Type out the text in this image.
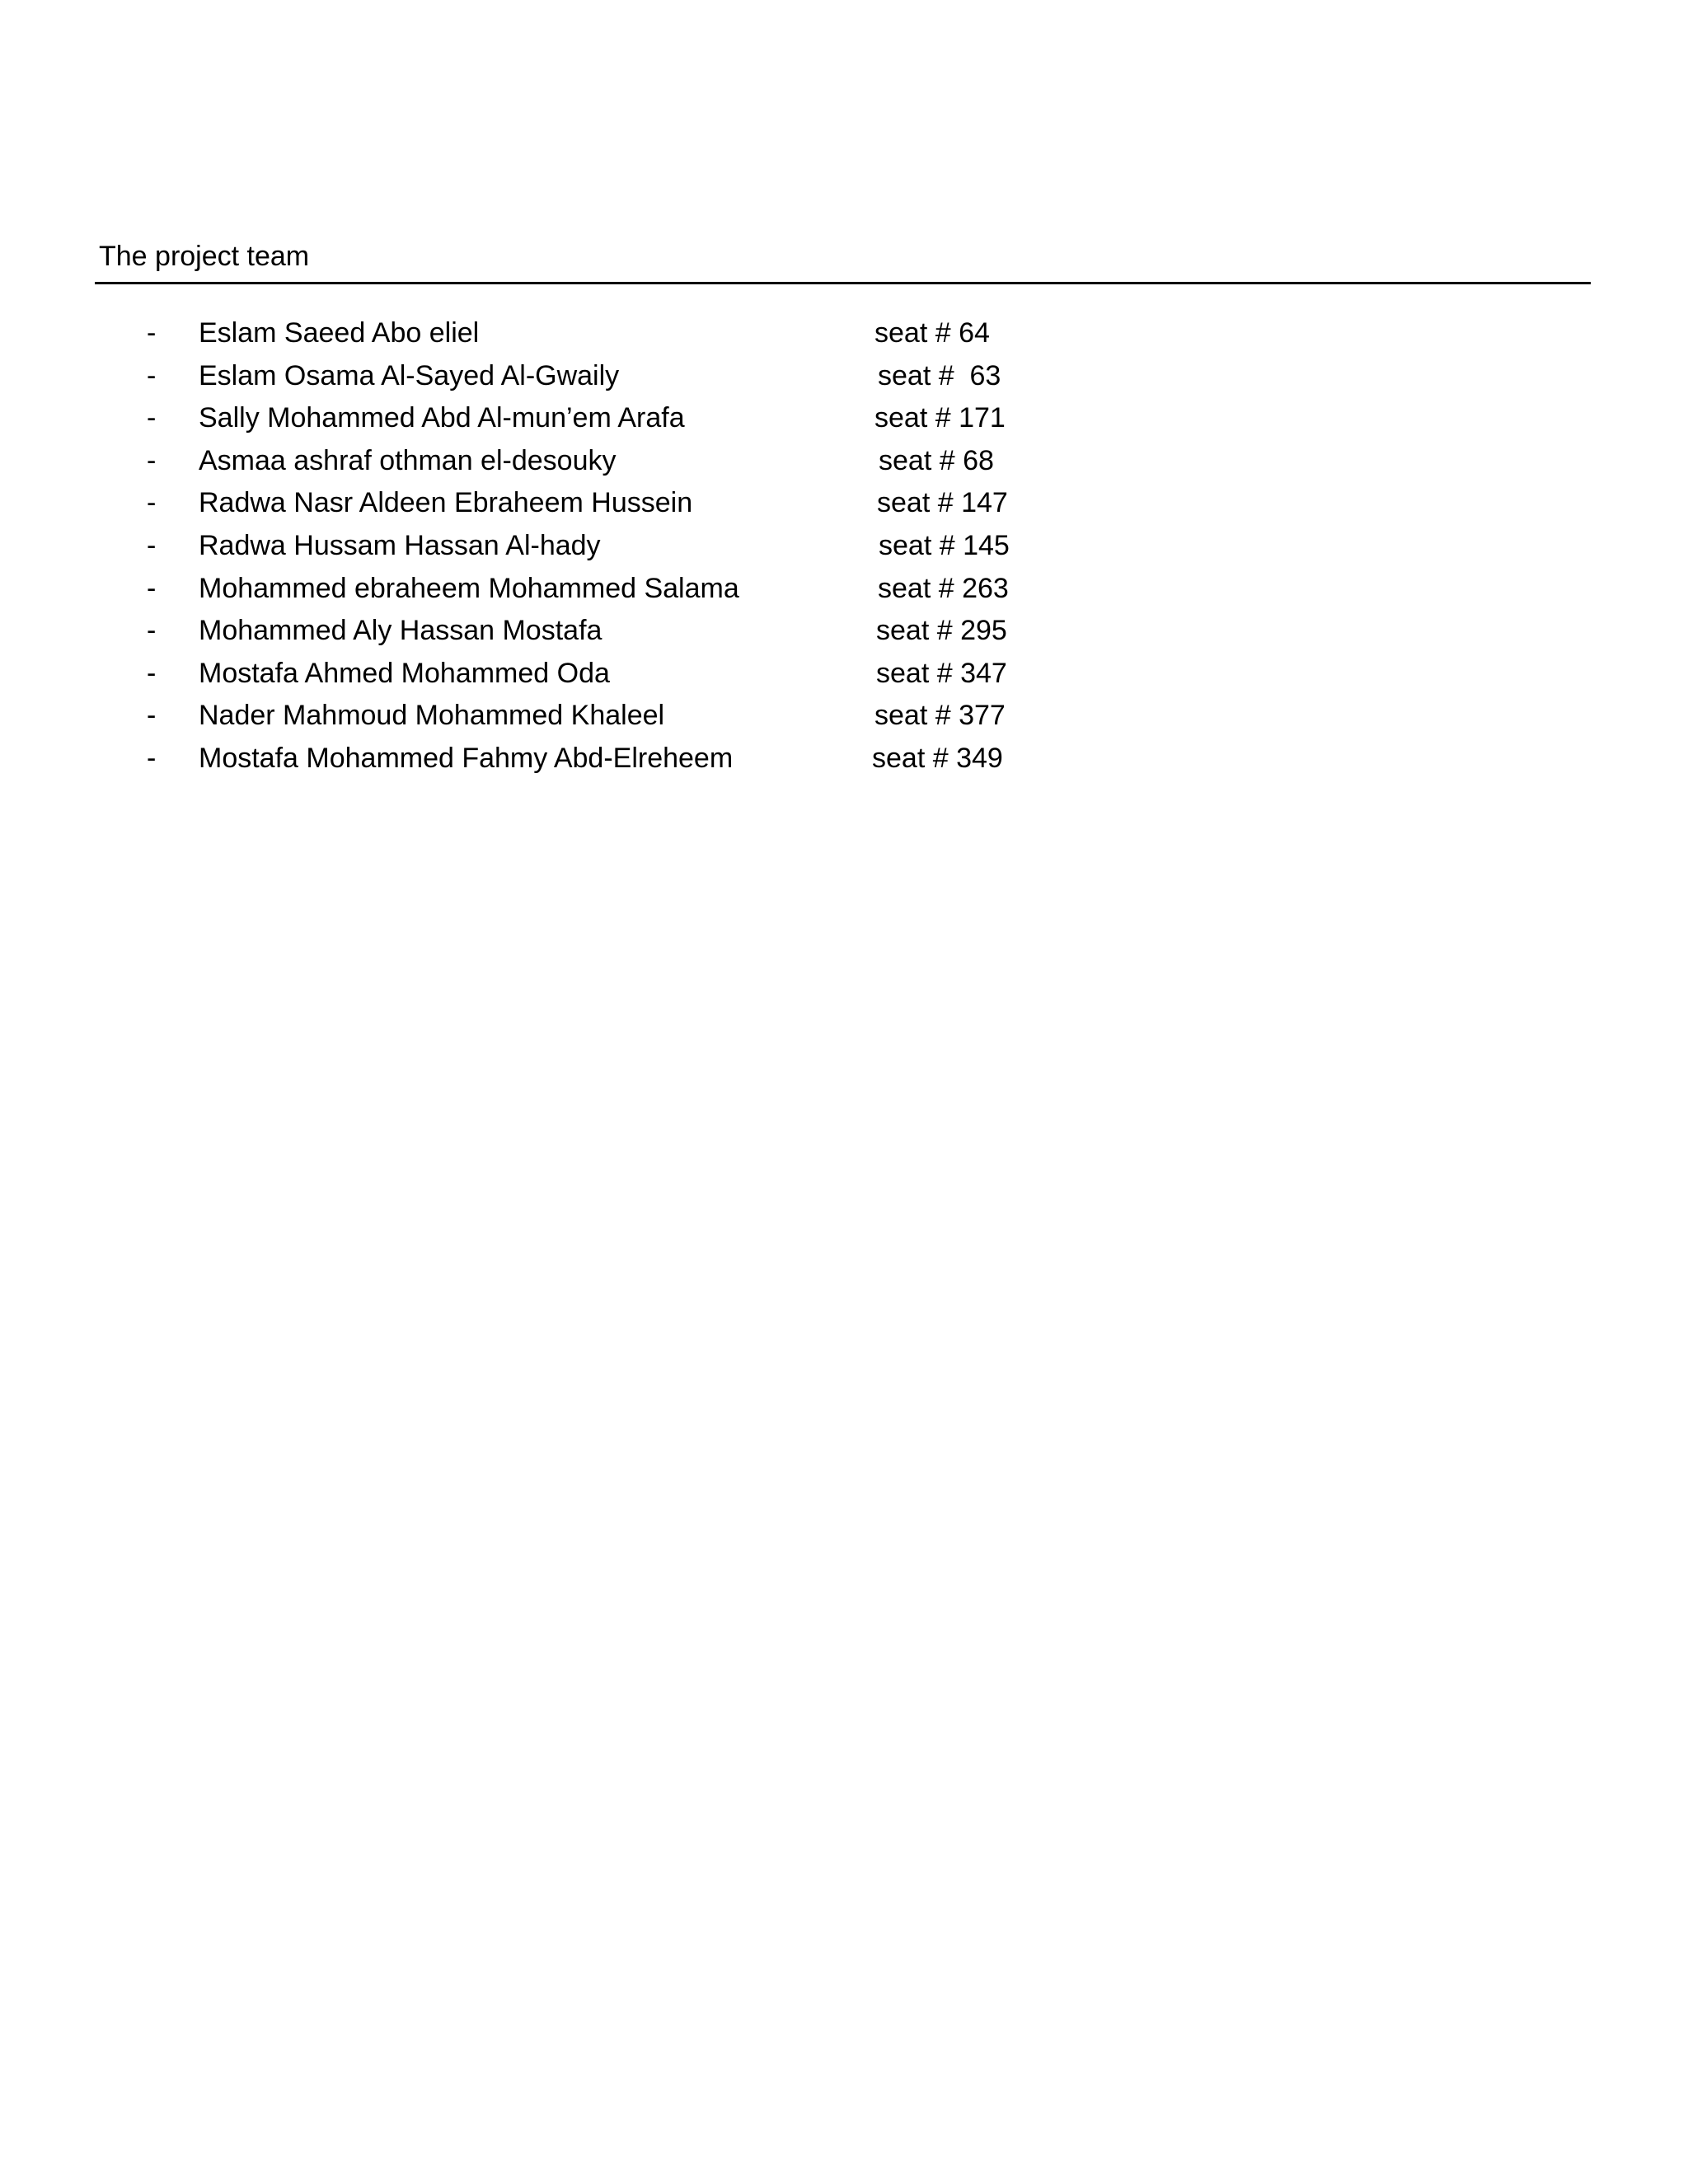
The project team
- Eslam Saeed Abo eliel	seat # 64
- Eslam Osama Al-Sayed Al-Gwaily	seat #  63
- Sally Mohammed Abd Al-mun’em Arafa	seat # 171
- Asmaa ashraf othman el-desouky	seat # 68
- Radwa Nasr Aldeen Ebraheem Hussein	seat # 147
- Radwa Hussam Hassan Al-hady	seat # 145
- Mohammed ebraheem Mohammed Salama	seat # 263
- Mohammed Aly Hassan Mostafa	seat # 295
- Mostafa Ahmed Mohammed Oda	seat # 347
- Nader Mahmoud Mohammed Khaleel	seat # 377
- Mostafa Mohammed Fahmy Abd-Elreheem	seat # 349
